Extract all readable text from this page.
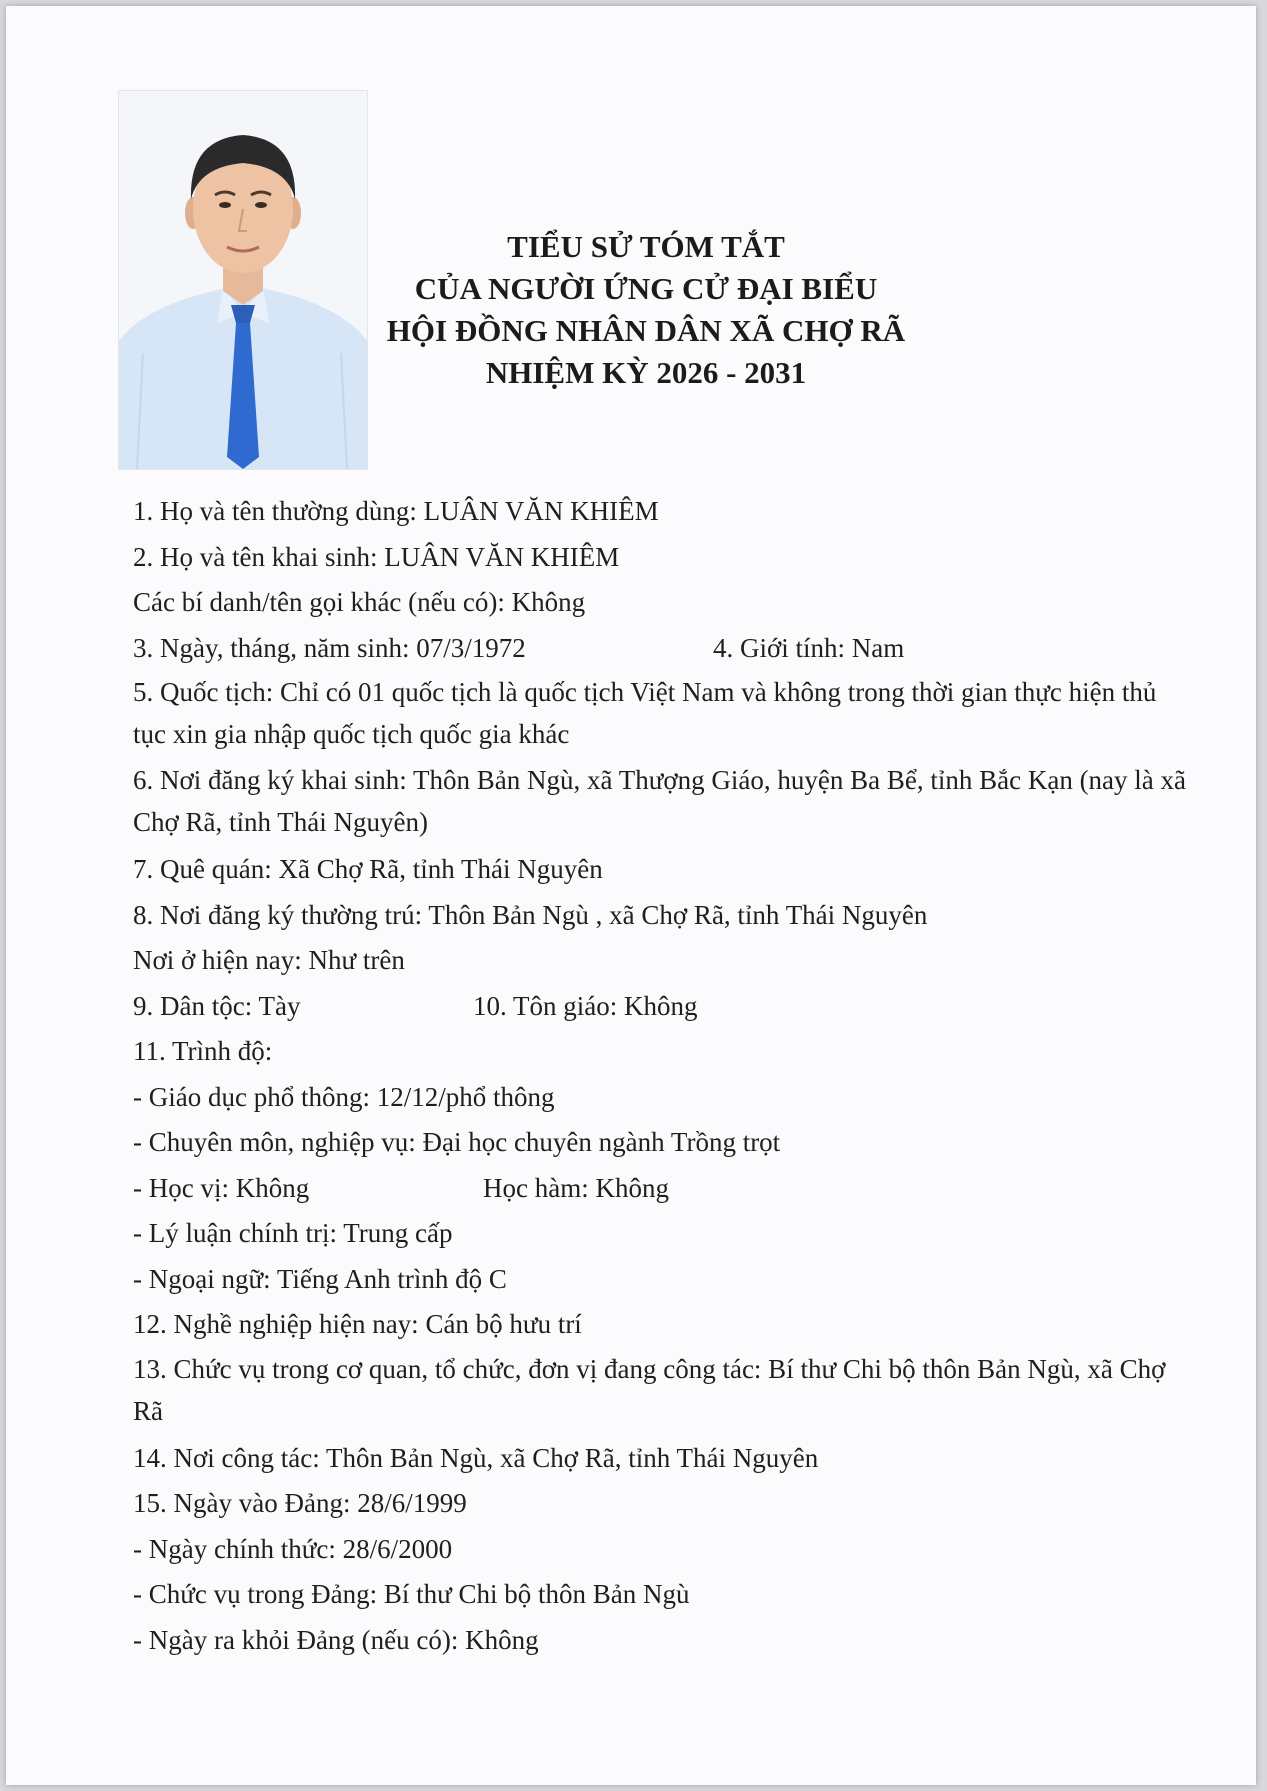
TIỂU SỬ TÓM TẮT
CỦA NGƯỜI ỨNG CỬ ĐẠI BIỂU
HỘI ĐỒNG NHÂN DÂN XÃ CHỢ RÃ
NHIỆM KỲ 2026 - 2031
1. Họ và tên thường dùng: LUÂN VĂN KHIÊM
2. Họ và tên khai sinh: LUÂN VĂN KHIÊM
Các bí danh/tên gọi khác (nếu có): Không
3. Ngày, tháng, năm sinh: 07/3/1972	4. Giới tính: Nam
5. Quốc tịch: Chỉ có 01 quốc tịch là quốc tịch Việt Nam và không trong thời gian thực hiện thủ tục xin gia nhập quốc tịch quốc gia khác
6. Nơi đăng ký khai sinh: Thôn Bản Ngù, xã Thượng Giáo, huyện Ba Bể, tỉnh Bắc Kạn (nay là xã Chợ Rã, tỉnh Thái Nguyên)
7. Quê quán: Xã Chợ Rã, tỉnh Thái Nguyên
8. Nơi đăng ký thường trú: Thôn Bản Ngù , xã Chợ Rã, tỉnh Thái Nguyên
Nơi ở hiện nay: Như trên
9. Dân tộc: Tày	10. Tôn giáo: Không
11. Trình độ:
- Giáo dục phổ thông: 12/12/phổ thông
- Chuyên môn, nghiệp vụ: Đại học chuyên ngành Trồng trọt
- Học vị: Không	Học hàm: Không
- Lý luận chính trị: Trung cấp
- Ngoại ngữ: Tiếng Anh trình độ C
12. Nghề nghiệp hiện nay: Cán bộ hưu trí
13. Chức vụ trong cơ quan, tổ chức, đơn vị đang công tác: Bí thư Chi bộ thôn Bản Ngù, xã Chợ Rã
14. Nơi công tác: Thôn Bản Ngù, xã Chợ Rã, tỉnh Thái Nguyên
15. Ngày vào Đảng: 28/6/1999
- Ngày chính thức: 28/6/2000
- Chức vụ trong Đảng: Bí thư Chi bộ thôn Bản Ngù
- Ngày ra khỏi Đảng (nếu có): Không
